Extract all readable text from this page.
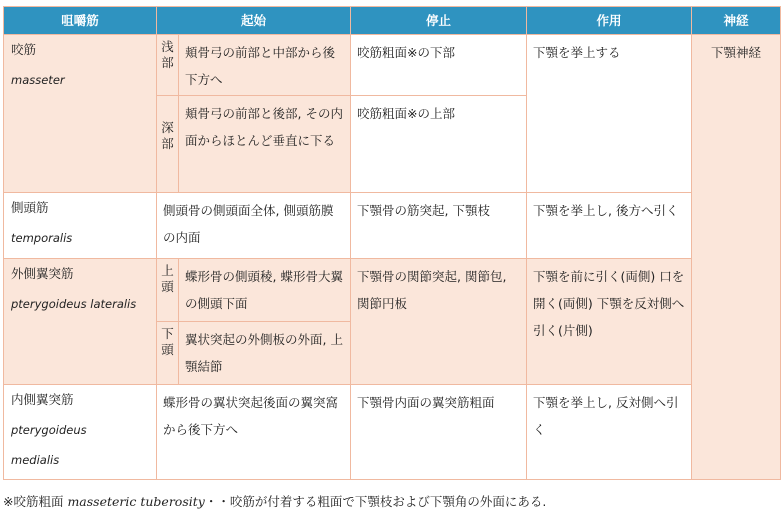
咀嚼筋	起始		停止	作用	神経

咬筋
masseter	浅部	頬骨弓の前部と中部から後下方へ	咬筋粗面※の下部	下顎を挙上する	下顎神経

	深部	頬骨弓の前部と後部, その内面からほとんど垂直に下る	咬筋粗面※の上部		

側頭筋
temporalis	側頭骨の側頭面全体, 側頭筋膜の内面		下顎骨の筋突起, 下顎枝	下顎を挙上し, 後方へ引く	

外側翼突筋
pterygoideus lateralis	上頭	蝶形骨の側頭稜, 蝶形骨大翼の側頭下面	下顎骨の関節突起, 関節包, 関節円板	下顎を前に引く(両側) 口を開く(両側) 下顎を反対側へ引く(片側)	

	下頭	翼状突起の外側板の外面, 上顎結節			

内側翼突筋
pterygoideus
medialis	蝶形骨の翼状突起後面の翼突窩から後下方へ		下顎骨内面の翼突筋粗面	下顎を挙上し, 反対側へ引く	
※咬筋粗面 masseteric tuberosity・・咬筋が付着する粗面で下顎枝および下顎角の外面にある.
